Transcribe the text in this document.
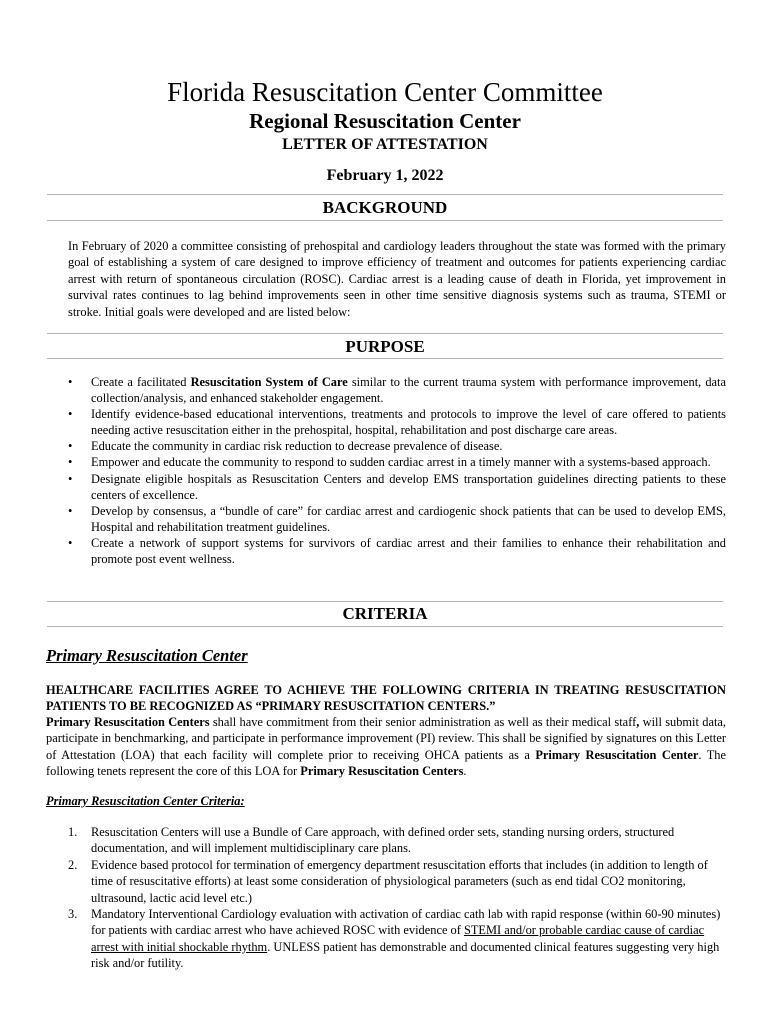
Florida Resuscitation Center Committee
Regional Resuscitation Center
LETTER OF ATTESTATION
February 1, 2022
BACKGROUND
In February of 2020 a committee consisting of prehospital and cardiology leaders throughout the state was formed with the primary goal of establishing a system of care designed to improve efficiency of treatment and outcomes for patients experiencing cardiac arrest with return of spontaneous circulation (ROSC). Cardiac arrest is a leading cause of death in Florida, yet improvement in survival rates continues to lag behind improvements seen in other time sensitive diagnosis systems such as trauma, STEMI or stroke. Initial goals were developed and are listed below:
PURPOSE
• Create a facilitated Resuscitation System of Care similar to the current trauma system with performance improvement, data collection/analysis, and enhanced stakeholder engagement.
• Identify evidence-based educational interventions, treatments and protocols to improve the level of care offered to patients needing active resuscitation either in the prehospital, hospital, rehabilitation and post discharge care areas.
• Educate the community in cardiac risk reduction to decrease prevalence of disease.
• Empower and educate the community to respond to sudden cardiac arrest in a timely manner with a systems-based approach.
• Designate eligible hospitals as Resuscitation Centers and develop EMS transportation guidelines directing patients to these centers of excellence.
• Develop by consensus, a “bundle of care” for cardiac arrest and cardiogenic shock patients that can be used to develop EMS, Hospital and rehabilitation treatment guidelines.
• Create a network of support systems for survivors of cardiac arrest and their families to enhance their rehabilitation and promote post event wellness.
CRITERIA
Primary Resuscitation Center
HEALTHCARE FACILITIES AGREE TO ACHIEVE THE FOLLOWING CRITERIA IN TREATING RESUSCITATION PATIENTS TO BE RECOGNIZED AS “PRIMARY RESUSCITATION CENTERS.”
Primary Resuscitation Centers shall have commitment from their senior administration as well as their medical staff, will submit data, participate in benchmarking, and participate in performance improvement (PI) review. This shall be signified by signatures on this Letter of Attestation (LOA) that each facility will complete prior to receiving OHCA patients as a Primary Resuscitation Center. The following tenets represent the core of this LOA for Primary Resuscitation Centers.
Primary Resuscitation Center Criteria:
1. Resuscitation Centers will use a Bundle of Care approach, with defined order sets, standing nursing orders, structured documentation, and will implement multidisciplinary care plans.
2. Evidence based protocol for termination of emergency department resuscitation efforts that includes (in addition to length of time of resuscitative efforts) at least some consideration of physiological parameters (such as end tidal CO2 monitoring, ultrasound, lactic acid level etc.)
3. Mandatory Interventional Cardiology evaluation with activation of cardiac cath lab with rapid response (within 60-90 minutes) for patients with cardiac arrest who have achieved ROSC with evidence of STEMI and/or probable cardiac cause of cardiac arrest with initial shockable rhythm. UNLESS patient has demonstrable and documented clinical features suggesting very high risk and/or futility.
